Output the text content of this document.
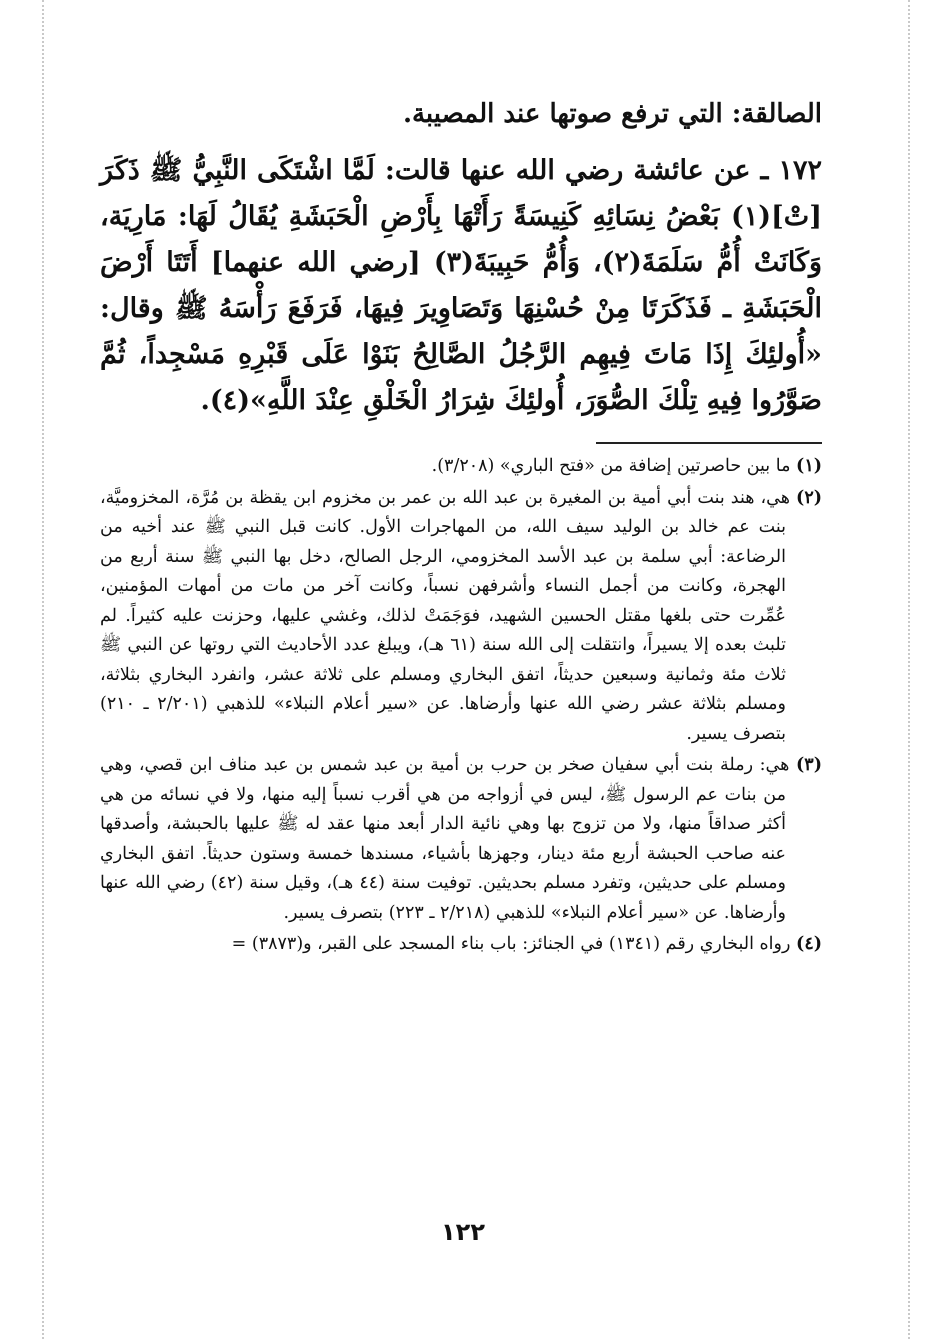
الصالقة: التي ترفع صوتها عند المصيبة.
١٧٢ ـ عن عائشة رضي الله عنها قالت: لَمَّا اشْتَكَى النَّبِيُّ ﷺ ذَكَرَ [تْ](١) بَعْضُ نِسَائِهِ كَنِيسَةً رَأَتْهَا بِأَرْضِ الْحَبَشَةِ يُقَالُ لَهَا: مَارِيَة، وَكَانَتْ أُمُّ سَلَمَةَ(٢)، وَأُمُّ حَبِيبَةَ(٣) [رضي الله عنهما] أَتَتَا أَرْضَ الْحَبَشَةِ ـ فَذَكَرَتَا مِنْ حُسْنِهَا وَتَصَاوِيرَ فِيهَا، فَرَفَعَ رَأْسَهُ ﷺ وقال: «أُولئِكَ إِذَا مَاتَ فِيهِم الرَّجُلُ الصَّالِحُ بَنَوْا عَلَى قَبْرِهِ مَسْجِداً، ثُمَّ صَوَّرُوا فِيهِ تِلْكَ الصُّوَرَ، أُولئِكَ شِرَارُ الْخَلْقِ عِنْدَ اللَّهِ»(٤).

(١) ما بين حاصرتين إضافة من «فتح الباري» (٣/٢٠٨).

(٢) هي، هند بنت أبي أمية بن المغيرة بن عبد الله بن عمر بن مخزوم ابن يقظة بن مُرَّة، المخزوميَّة، بنت عم خالد بن الوليد سيف الله، من المهاجرات الأول. كانت قبل النبي ﷺ عند أخيه من الرضاعة: أبي سلمة بن عبد الأسد المخزومي، الرجل الصالح، دخل بها النبي ﷺ سنة أربع من الهجرة، وكانت من أجمل النساء وأشرفهن نسباً، وكانت آخر من مات من أمهات المؤمنين، عُمِّرت حتى بلغها مقتل الحسين الشهيد، فوَجَمَتْ لذلك، وغشي عليها، وحزنت عليه كثيراً. لم تلبث بعده إلا يسيراً، وانتقلت إلى الله سنة (٦١ هـ)، ويبلغ عدد الأحاديث التي روتها عن النبي ﷺ ثلاث مئة وثمانية وسبعين حديثاً، اتفق البخاري ومسلم على ثلاثة عشر، وانفرد البخاري بثلاثة، ومسلم بثلاثة عشر رضي الله عنها وأرضاها. عن «سير أعلام النبلاء» للذهبي (٢/٢٠١ ـ ٢١٠) بتصرف يسير.

(٣) هي: رملة بنت أبي سفيان صخر بن حرب بن أمية بن عبد شمس بن عبد مناف ابن قصي، وهي من بنات عم الرسول ﷺ، ليس في أزواجه من هي أقرب نسباً إليه منها، ولا في نسائه من هي أكثر صداقاً منها، ولا من تزوج بها وهي نائية الدار أبعد منها عقد له ﷺ عليها بالحبشة، وأصدقها عنه صاحب الحبشة أربع مئة دينار، وجهزها بأشياء، مسندها خمسة وستون حديثاً. اتفق البخاري ومسلم على حديثين، وتفرد مسلم بحديثين. توفيت سنة (٤٤ هـ)، وقيل سنة (٤٢) رضي الله عنها وأرضاها. عن «سير أعلام النبلاء» للذهبي (٢/٢١٨ ـ ٢٢٣) بتصرف يسير.

(٤) رواه البخاري رقم (١٣٤١) في الجنائز: باب بناء المسجد على القبر، و(٣٨٧٣) =

١٢٢
